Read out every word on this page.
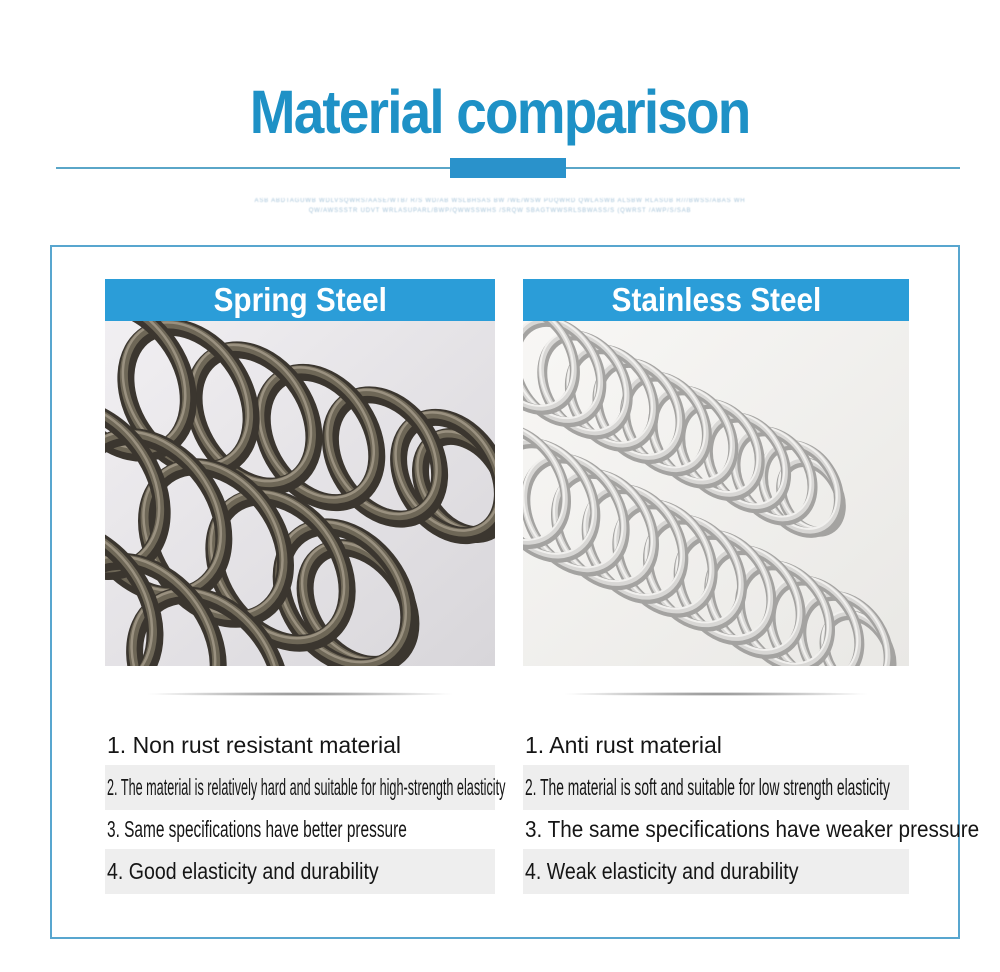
Material comparison
ASB ABDTAGUWB WDLVSQWRS/AASE/WTB/ R/S WD/AB WSLBHSAS BW /WE/WSW PUQWRD QWLASWB ALSBW RLASUB R///BWSS/ABAS WH
QW/AWSSSTR UDVT WRLASUPARL/BWP/QWWSSWHS /SRQW SBAGTWWSRLSBWASS/S (QWRST /AWP/S/SAB
Spring Steel
1. Non rust resistant material
2. The material is relatively hard and suitable for high-strength elasticity
3. Same specifications have better pressure
4. Good elasticity and durability
Stainless Steel
1. Anti rust material
2. The material is soft and suitable for low strength elasticity
3. The same specifications have weaker pressure
4. Weak elasticity and durability
